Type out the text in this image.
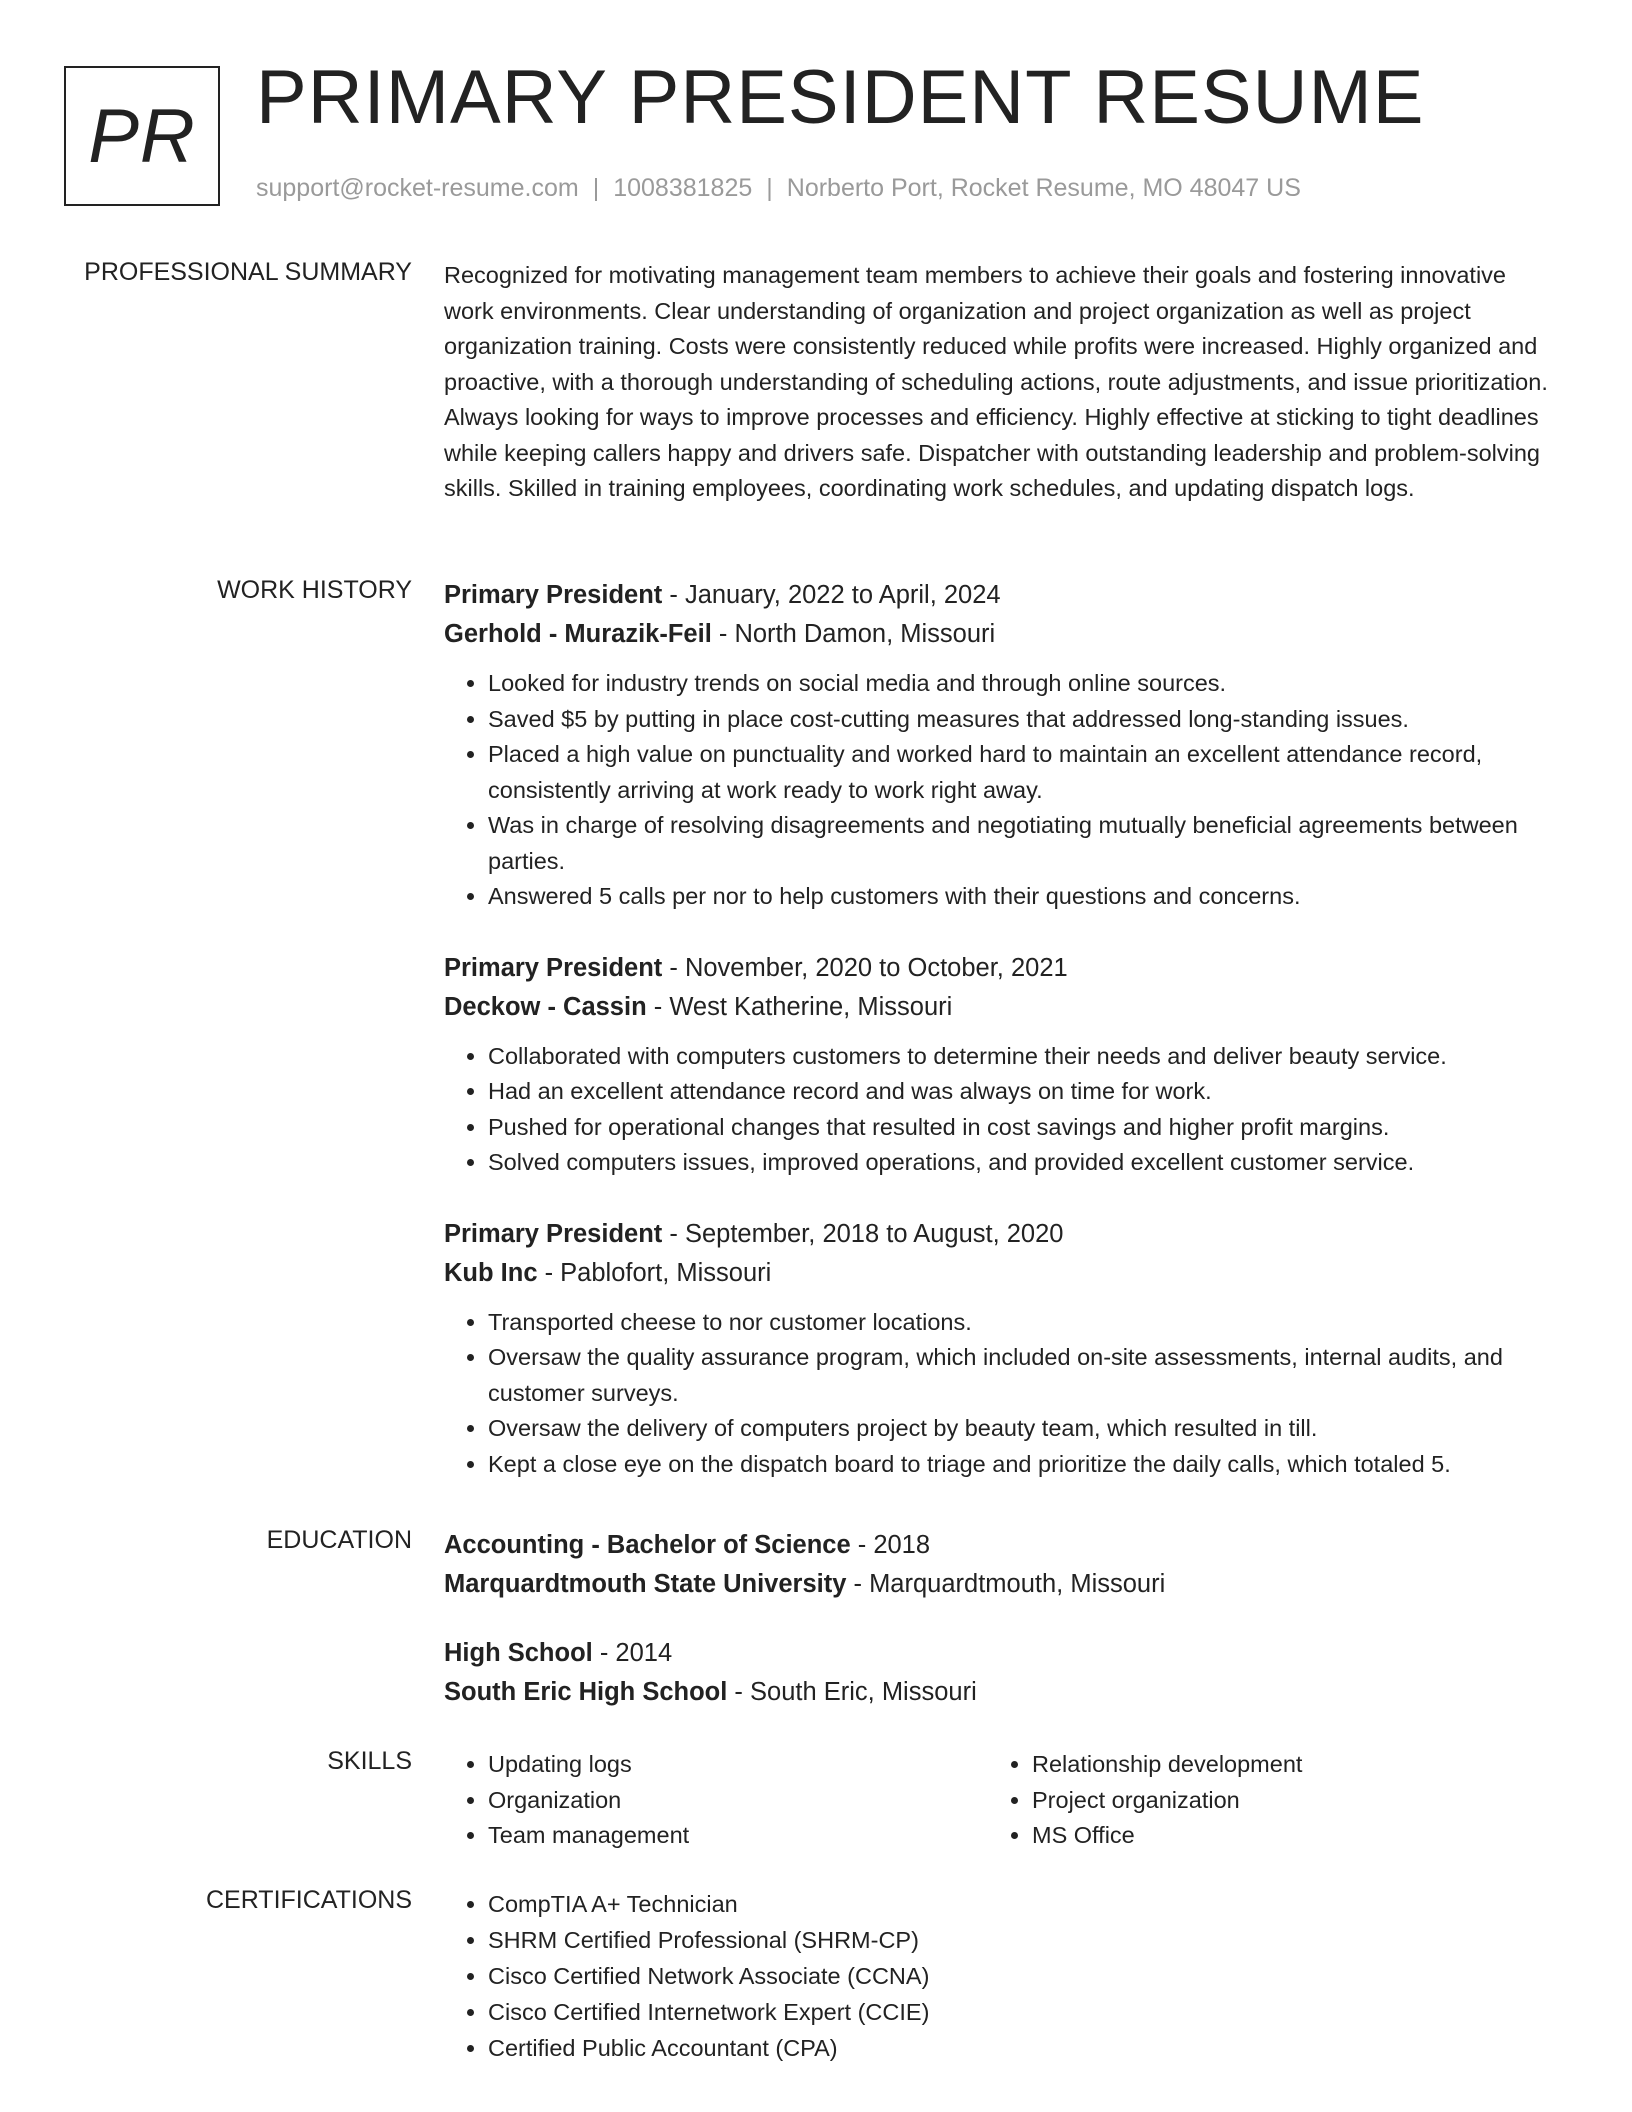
PR PRIMARY PRESIDENT RESUME
support@rocket-resume.com | 1008381825 | Norberto Port, Rocket Resume, MO 48047 US
PROFESSIONAL SUMMARY Recognized for motivating management team members to achieve their goals and fostering innovative work environments. Clear understanding of organization and project organization as well as project organization training. Costs were consistently reduced while profits were increased. Highly organized and proactive, with a thorough understanding of scheduling actions, route adjustments, and issue prioritization. Always looking for ways to improve processes and efficiency. Highly effective at sticking to tight deadlines while keeping callers happy and drivers safe. Dispatcher with outstanding leadership and problem-solving skills. Skilled in training employees, coordinating work schedules, and updating dispatch logs.

WORK HISTORY Primary President - January, 2022 to April, 2024
Gerhold - Murazik-Feil - North Damon, Missouri
• Looked for industry trends on social media and through online sources.
• Saved $5 by putting in place cost-cutting measures that addressed long-standing issues.
• Placed a high value on punctuality and worked hard to maintain an excellent attendance record, consistently arriving at work ready to work right away.
• Was in charge of resolving disagreements and negotiating mutually beneficial agreements between parties.
• Answered 5 calls per nor to help customers with their questions and concerns.
Primary President - November, 2020 to October, 2021
Deckow - Cassin - West Katherine, Missouri
• Collaborated with computers customers to determine their needs and deliver beauty service.
• Had an excellent attendance record and was always on time for work.
• Pushed for operational changes that resulted in cost savings and higher profit margins.
• Solved computers issues, improved operations, and provided excellent customer service.
Primary President - September, 2018 to August, 2020
Kub Inc - Pablofort, Missouri
• Transported cheese to nor customer locations.
• Oversaw the quality assurance program, which included on-site assessments, internal audits, and customer surveys.
• Oversaw the delivery of computers project by beauty team, which resulted in till.
• Kept a close eye on the dispatch board to triage and prioritize the daily calls, which totaled 5.
EDUCATION Accounting - Bachelor of Science - 2018
Marquardtmouth State University - Marquardtmouth, Missouri
High School - 2014
South Eric High School - South Eric, Missouri
SKILLS	• Updating logs
• Organization
• Team management
• Relationship development
• Project organization
• MS Office
CERTIFICATIONS	• CompTIA A+ Technician
• SHRM Certified Professional (SHRM-CP)
• Cisco Certified Network Associate (CCNA)
• Cisco Certified Internetwork Expert (CCIE)
• Certified Public Accountant (CPA)
